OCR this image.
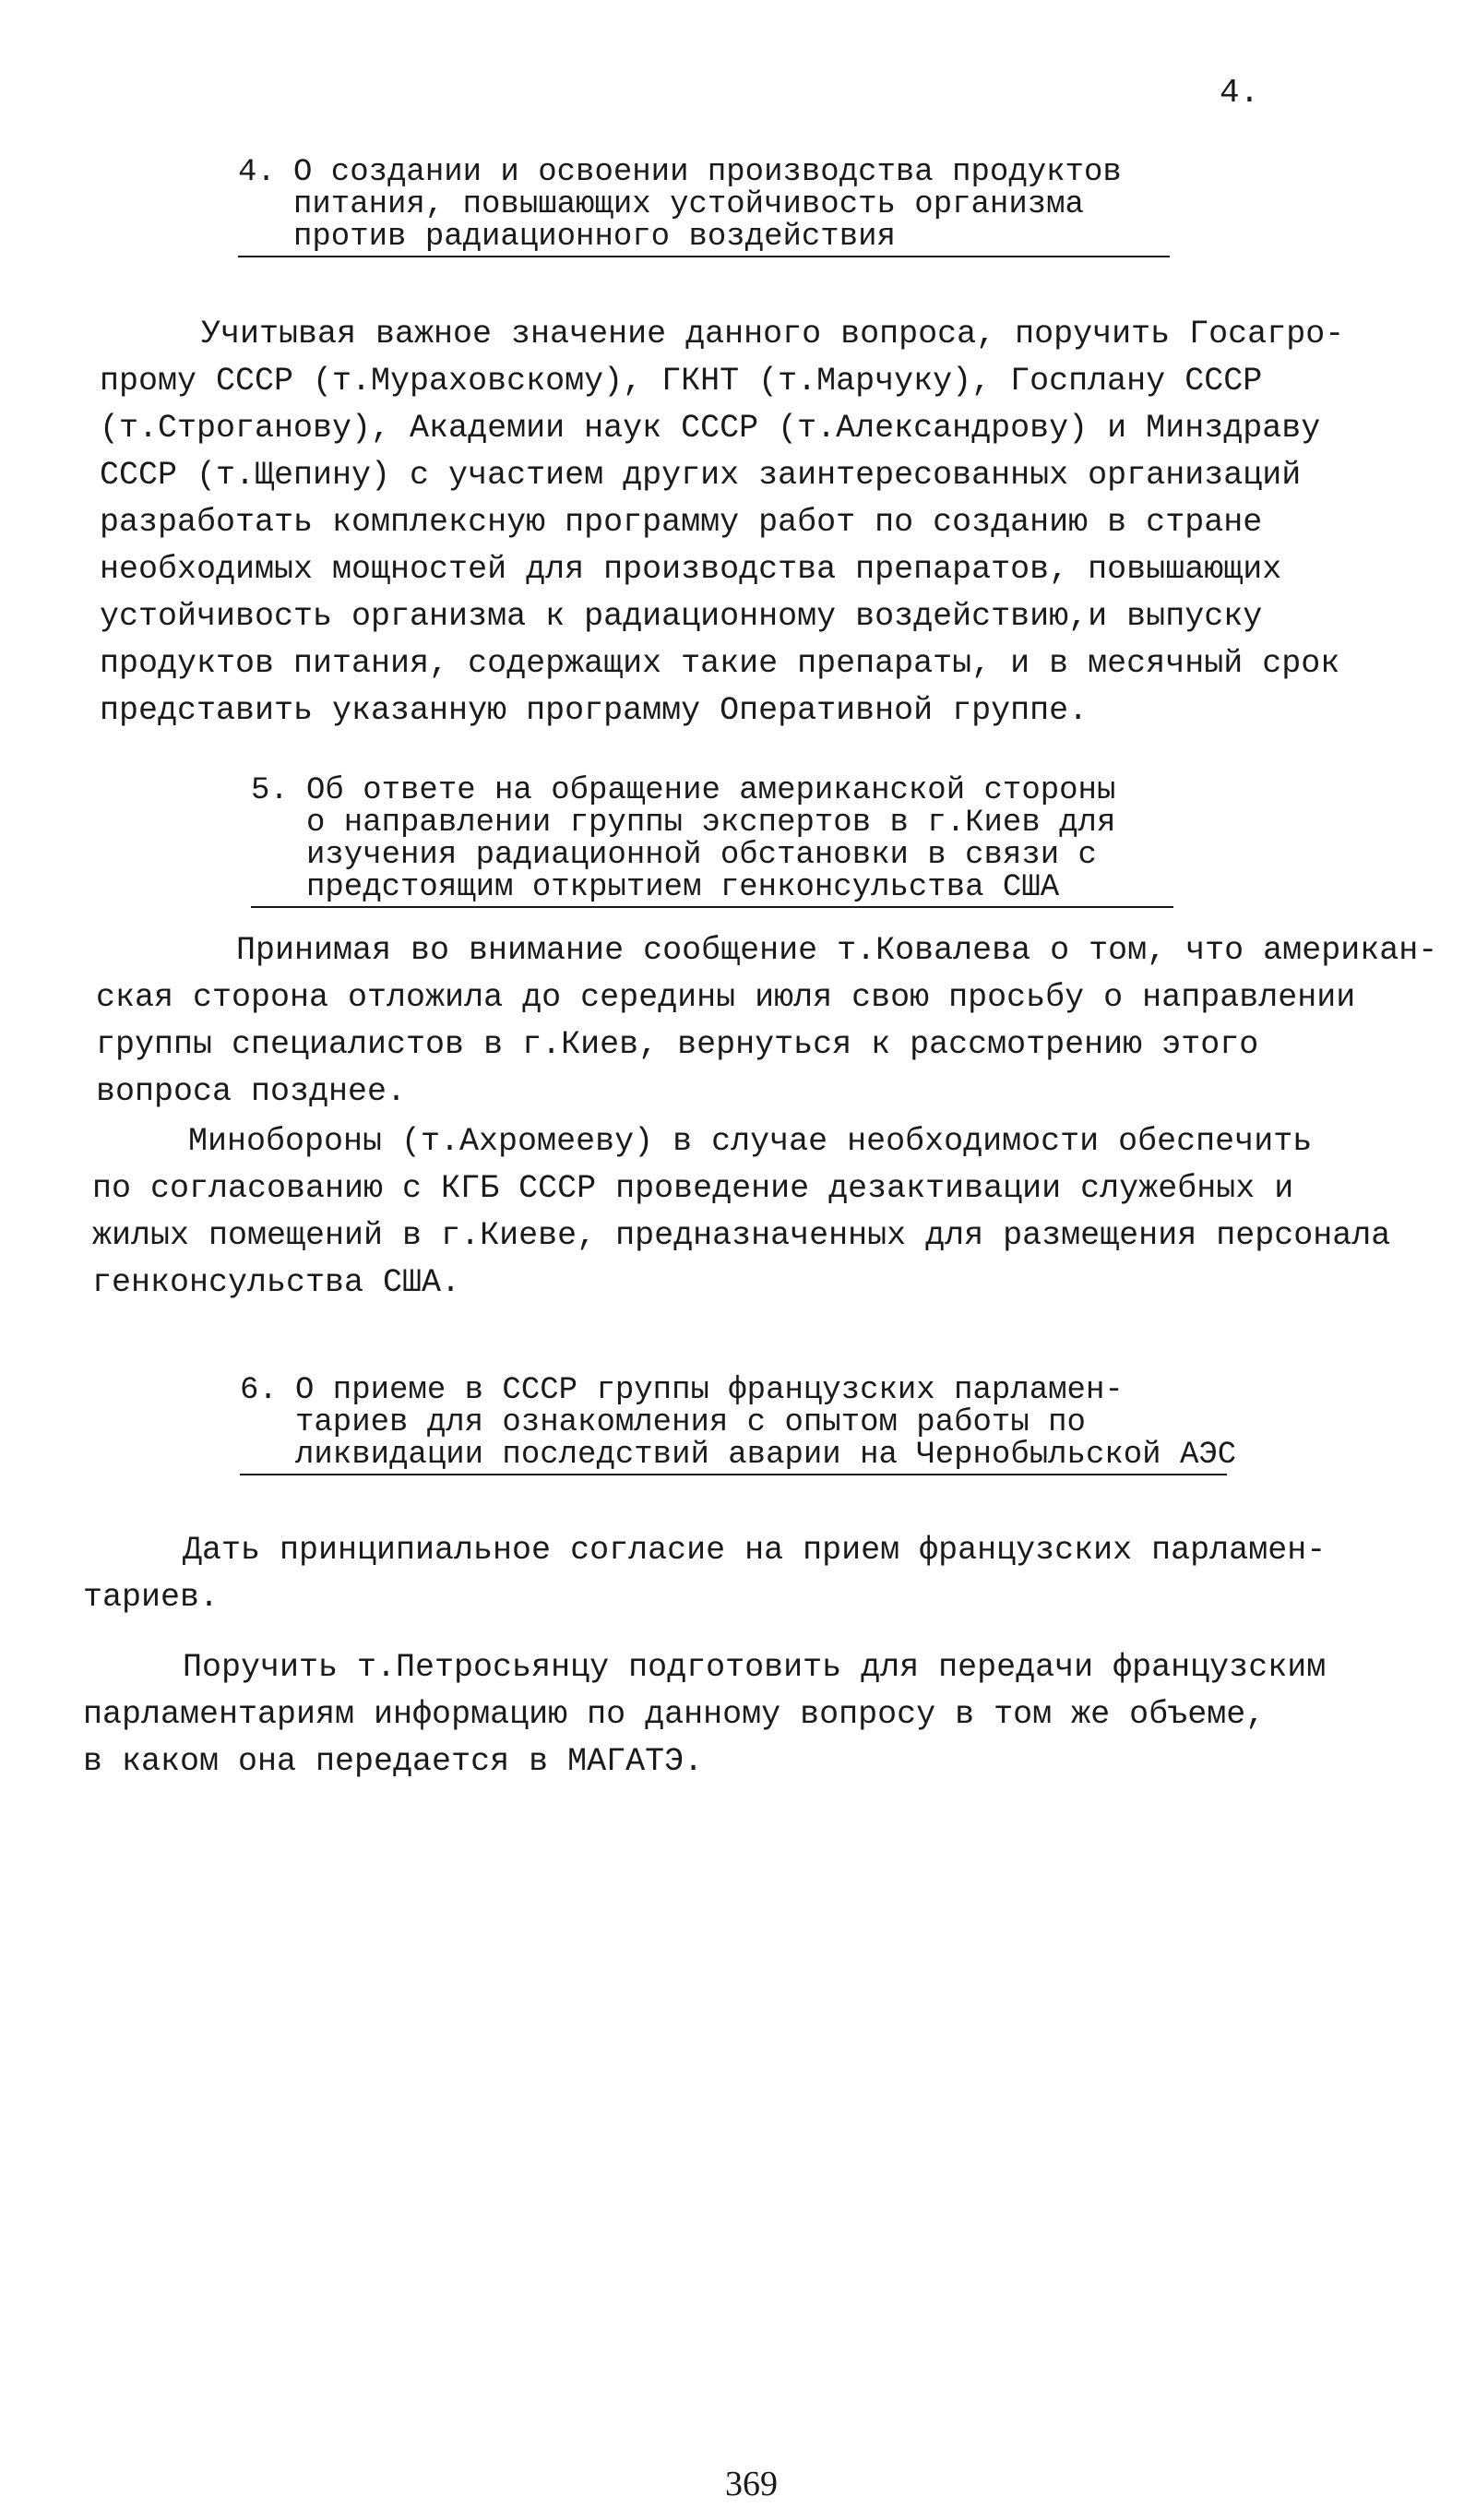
4.
4. О создании и освоении производства продуктов
питания, повышающих устойчивость организма
против радиационного воздействия
Учитывая важное значение данного вопроса, поручить Госагро-
прому СССР (т.Мураховскому), ГКНТ (т.Марчуку), Госплану СССР
(т.Строганову), Академии наук СССР (т.Александрову) и Минздраву
СССР (т.Щепину) с участием других заинтересованных организаций
разработать комплексную программу работ по созданию в стране
необходимых мощностей для производства препаратов, повышающих
устойчивость организма к радиационному воздействию,и выпуску
продуктов питания, содержащих такие препараты, и в месячный срок
представить указанную программу Оперативной группе.
5. Об ответе на обращение американской стороны
о направлении группы экспертов в г.Киев для
изучения радиационной обстановки в связи с
предстоящим открытием генконсульства США
Принимая во внимание сообщение т.Ковалева о том, что американ-
ская сторона отложила до середины июля свою просьбу о направлении
группы специалистов в г.Киев, вернуться к рассмотрению этого
вопроса позднее.
Минобороны (т.Ахромееву) в случае необходимости обеспечить
по согласованию с КГБ СССР проведение дезактивации служебных и
жилых помещений в г.Киеве, предназначенных для размещения персонала
генконсульства США.
6. О приеме в СССР группы французских парламен-
тариев для ознакомления с опытом работы по
ликвидации последствий аварии на Чернобыльской АЭС
Дать принципиальное согласие на прием французских парламен-
тариев.
Поручить т.Петросьянцу подготовить для передачи французским
парламентариям информацию по данному вопросу в том же объеме,
в каком она передается в МАГАТЭ.
369
